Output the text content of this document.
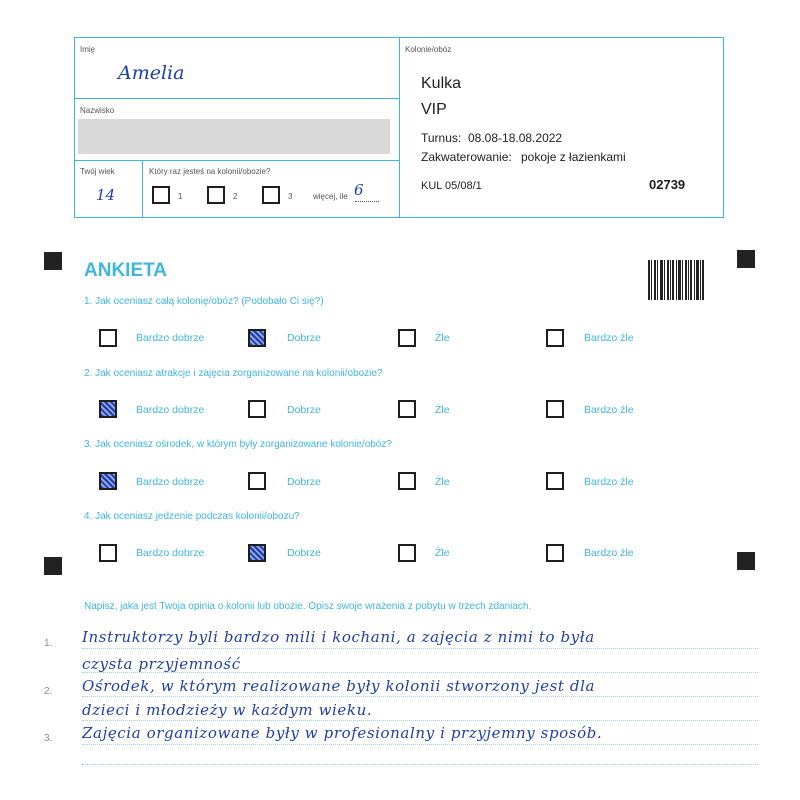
Imię
Amelia
Nazwisko
Twój wiek
14
Który raz jesteś na kolonii/obozie?
1	2	3	więcej, ile 6
Kolonie/obóz
Kulka
VIP
Turnus: 08.08-18.08.2022
Zakwaterowanie: pokoje z łazienkami
KUL 05/08/1	02739
ANKIETA
1. Jak oceniasz całą kolonię/obóz? (Podobało Ci się?)
2. Jak oceniasz atrakcje i zajęcia zorganizowane na kolonii/obozie?
3. Jak oceniasz ośrodek, w którym były zorganizowane kolonie/obóz?
4. Jak oceniasz jedzenie podczas kolonii/obozu?
Bardzo dobrze	Dobrze	Źle	Bardzo źle
Bardzo dobrze	Dobrze	Źle	Bardzo źle
Bardzo dobrze	Dobrze	Źle	Bardzo źle
Bardzo dobrze	Dobrze	Źle	Bardzo źle
Napisz, jaka jest Twoja opinia o kolonii lub obozie. Opisz swoje wrażenia z pobytu w trzech zdaniach.
1.
2.
3.
Instruktorzy byli bardzo mili i kochani, a zajęcia z nimi to była
czysta przyjemność
Ośrodek, w którym realizowane były kolonii stworzony jest dla
dzieci i młodzieży w każdym wieku.
Zajęcia organizowane były w profesionalny i przyjemny sposób.
